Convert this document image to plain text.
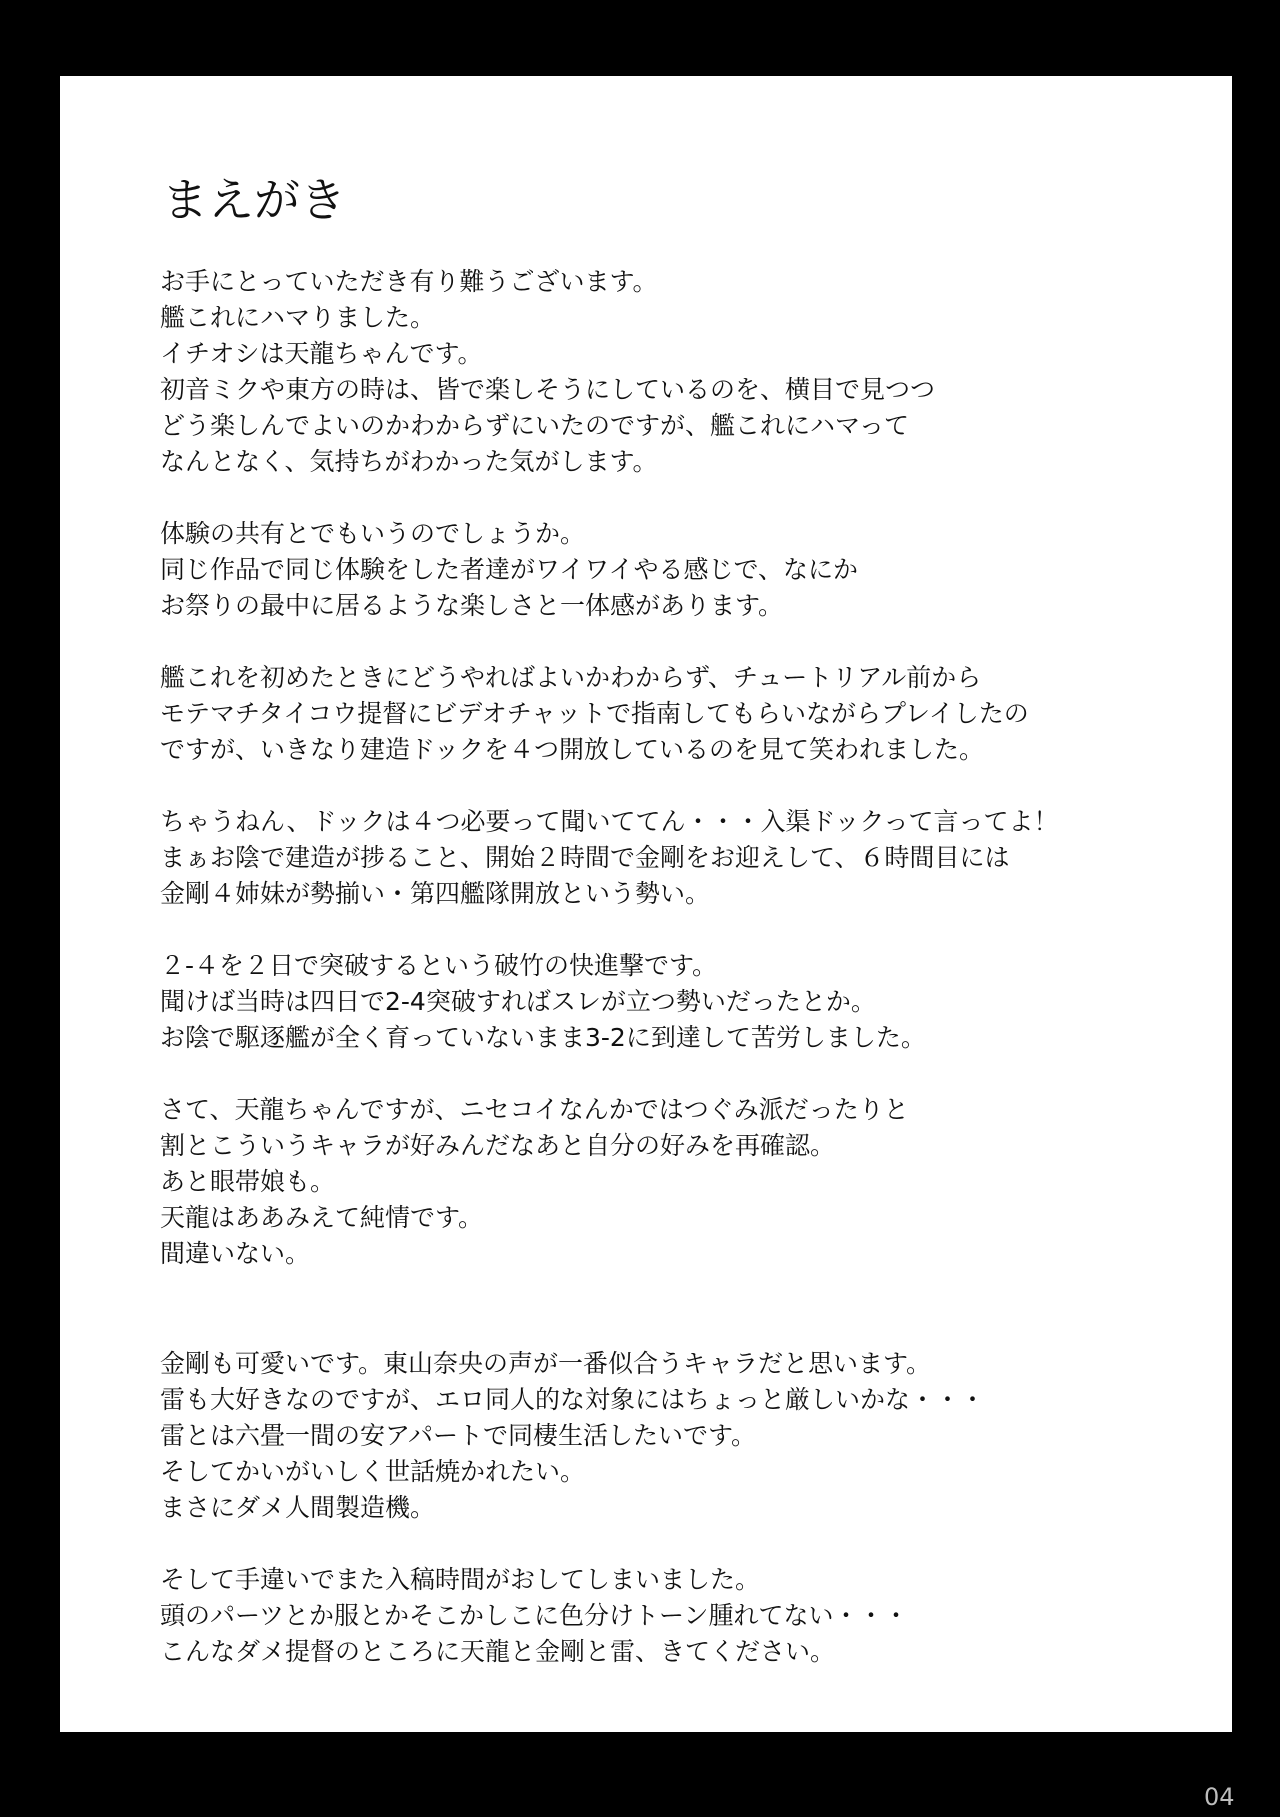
まえがき
お手にとっていただき有り難うございます。
艦これにハマりました。
イチオシは天龍ちゃんです。
初音ミクや東方の時は、皆で楽しそうにしているのを、横目で見つつ
どう楽しんでよいのかわからずにいたのですが、艦これにハマって
なんとなく、気持ちがわかった気がします。
体験の共有とでもいうのでしょうか。
同じ作品で同じ体験をした者達がワイワイやる感じで、なにか
お祭りの最中に居るような楽しさと一体感があります。
艦これを初めたときにどうやればよいかわからず、チュートリアル前から
モテマチタイコウ提督にビデオチャットで指南してもらいながらプレイしたの
ですが、いきなり建造ドックを４つ開放しているのを見て笑われました。
ちゃうねん、ドックは４つ必要って聞いててん・・・入渠ドックって言ってよ！
まぁお陰で建造が捗ること、開始２時間で金剛をお迎えして、６時間目には
金剛４姉妹が勢揃い・第四艦隊開放という勢い。
２-４を２日で突破するという破竹の快進撃です。
聞けば当時は四日で2-4突破すればスレが立つ勢いだったとか。
お陰で駆逐艦が全く育っていないまま3-2に到達して苦労しました。
さて、天龍ちゃんですが、ニセコイなんかではつぐみ派だったりと
割とこういうキャラが好みんだなあと自分の好みを再確認。
あと眼帯娘も。
天龍はああみえて純情です。
間違いない。
金剛も可愛いです。東山奈央の声が一番似合うキャラだと思います。
雷も大好きなのですが、エロ同人的な対象にはちょっと厳しいかな・・・
雷とは六畳一間の安アパートで同棲生活したいです。
そしてかいがいしく世話焼かれたい。
まさにダメ人間製造機。
そして手違いでまた入稿時間がおしてしまいました。
頭のパーツとか服とかそこかしこに色分けトーン腫れてない・・・
こんなダメ提督のところに天龍と金剛と雷、きてください。
04
